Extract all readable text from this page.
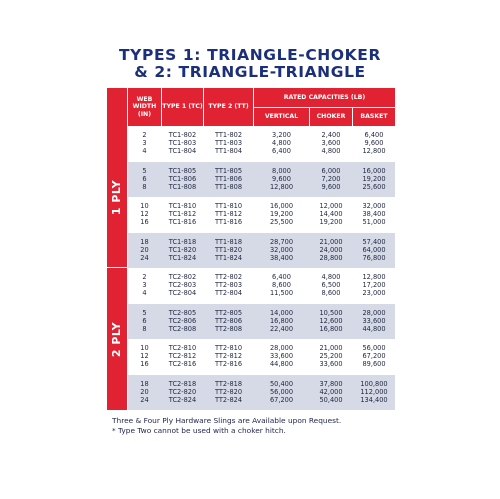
TYPES 1: TRIANGLE-CHOKER
& 2: TRIANGLE-TRIANGLE
WEB WIDTH (IN)
TYPE 1 (TC) TYPE 2 (TT)
RATED CAPACITIES (LB)
VERTICAL	CHOKER	BASKET
1 PLY
2 PLY
2
3
4
TC1-802
TC1-803
TC1-804
TT1-802
TT1-803
TT1-804
3,200
4,800
6,400
2,400
3,600
4,800
6,400
9,600
12,800
5
6
8
TC1-805
TC1-806
TC1-808
TT1-805
TT1-806
TT1-808
8,000
9,600
12,800
6,000
7,200
9,600
16,000
19,200
25,600
10
12
16
TC1-810
TC1-812
TC1-816
TT1-810
TT1-812
TT1-816
16,000
19,200
25,500
12,000
14,400
19,200
32,000
38,400
51,000
18
20
24
TC1-818
TC1-820
TC1-824
TT1-818
TT1-820
TT1-824
28,700
32,000
38,400
21,000
24,000
28,800
57,400
64,000
76,800
2
3
4
TC2-802
TC2-803
TC2-804
TT2-802
TT2-803
TT2-804
6,400
8,600
11,500
4,800
6,500
8,600
12,800
17,200
23,000
5
6
8
TC2-805
TC2-806
TC2-808
TT2-805
TT2-806
TT2-808
14,000
16,800
22,400
10,500
12,600
16,800
28,000
33,600
44,800
10
12
16
TC2-810
TC2-812
TC2-816
TT2-810
TT2-812
TT2-816
28,000
33,600
44,800
21,000
25,200
33,600
56,000
67,200
89,600
18
20
24
TC2-818
TC2-820
TC2-824
TT2-818
TT2-820
TT2-824
50,400
56,000
67,200
37,800
42,000
50,400
100,800
112,000
134,400
Three & Four Ply Hardware Slings are Available upon Request.
* Type Two cannot be used with a choker hitch.
